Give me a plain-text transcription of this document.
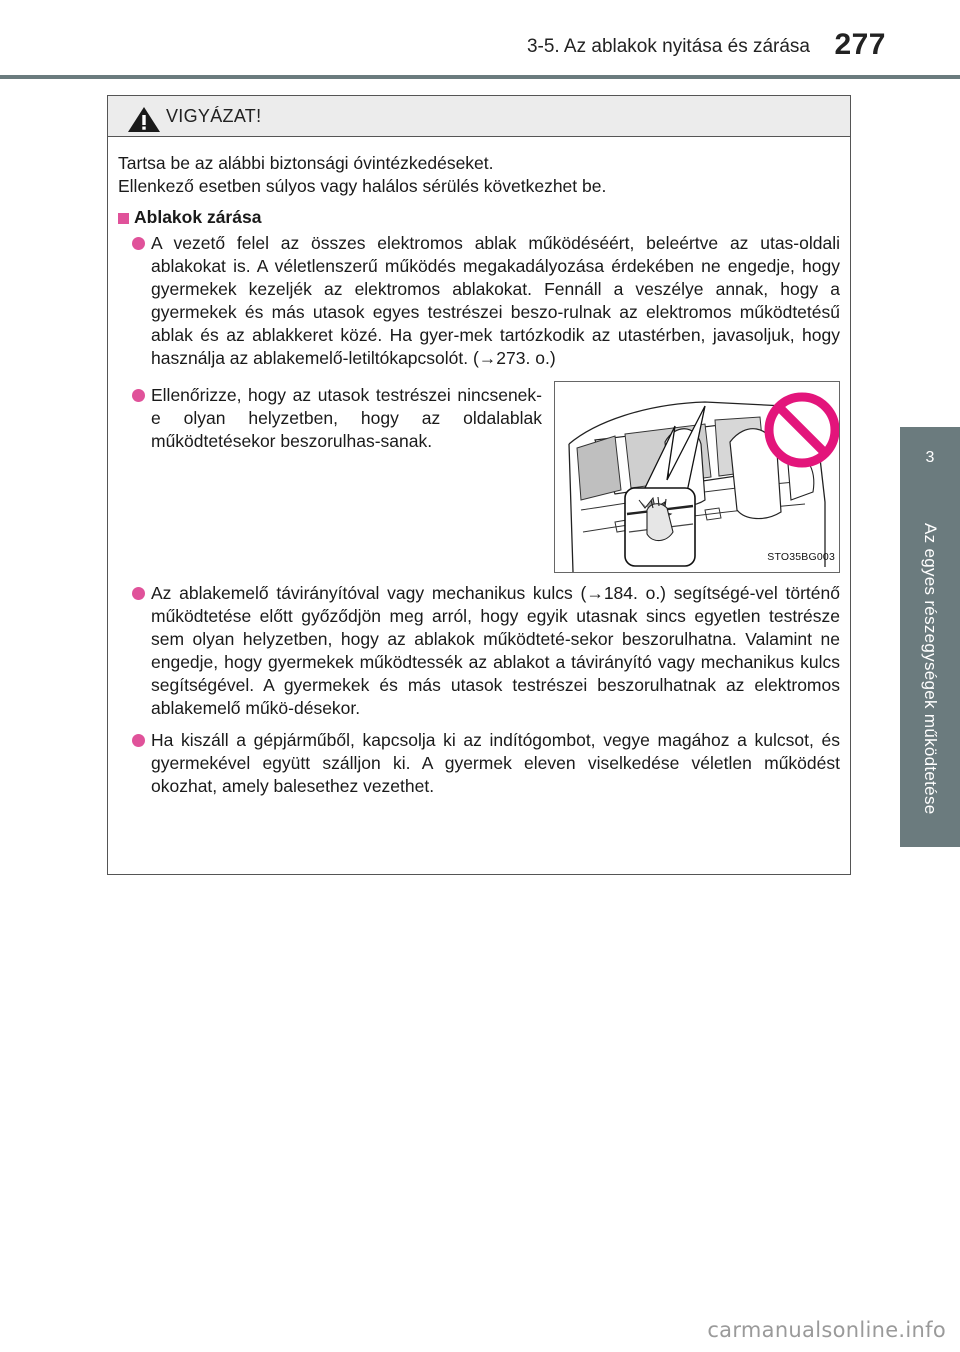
3-5. Az ablakok nyitása és zárása 277
3
Az egyes részegységek működtetése
VIGYÁZAT!

Tartsa be az alábbi biztonsági óvintézkedéseket.

Ellenkező esetben súlyos vagy halálos sérülés következhet be.

Ablakok zárása
A vezető felel az összes elektromos ablak működéséért, beleértve az utas-oldali ablakokat is. A véletlenszerű működés megakadályozása érdekében ne engedje, hogy gyermekek kezeljék az elektromos ablakokat. Fennáll a veszélye annak, hogy a gyermekek és más utasok egyes testrészei beszo-rulnak az elektromos működtetésű ablak és az ablakkeret közé. Ha gyer-mek tartózkodik az utastérben, javasoljuk, hogy használja az ablakemelő-letiltókapcsolót. (→273. o.)
Ellenőrizze, hogy az utasok testrészei nincsenek-e olyan helyzetben, hogy az oldalablak működtetésekor beszorulhas-sanak.
STO35BG003
Az ablakemelő távirányítóval vagy mechanikus kulcs (→184. o.) segítségé-vel történő működtetése előtt győződjön meg arról, hogy egyik utasnak sincs egyetlen testrésze sem olyan helyzetben, hogy az ablakok működteté-sekor beszorulhatna. Valamint ne engedje, hogy gyermekek működtessék az ablakot a távirányító vagy mechanikus kulcs segítségével. A gyermekek és más utasok testrészei beszorulhatnak az elektromos ablakemelő műkö-désekor.
Ha kiszáll a gépjárműből, kapcsolja ki az indítógombot, vegye magához a kulcsot, és gyermekével együtt szálljon ki. A gyermek eleven viselkedése véletlen működést okozhat, amely balesethez vezethet.
carmanualsonline.info
